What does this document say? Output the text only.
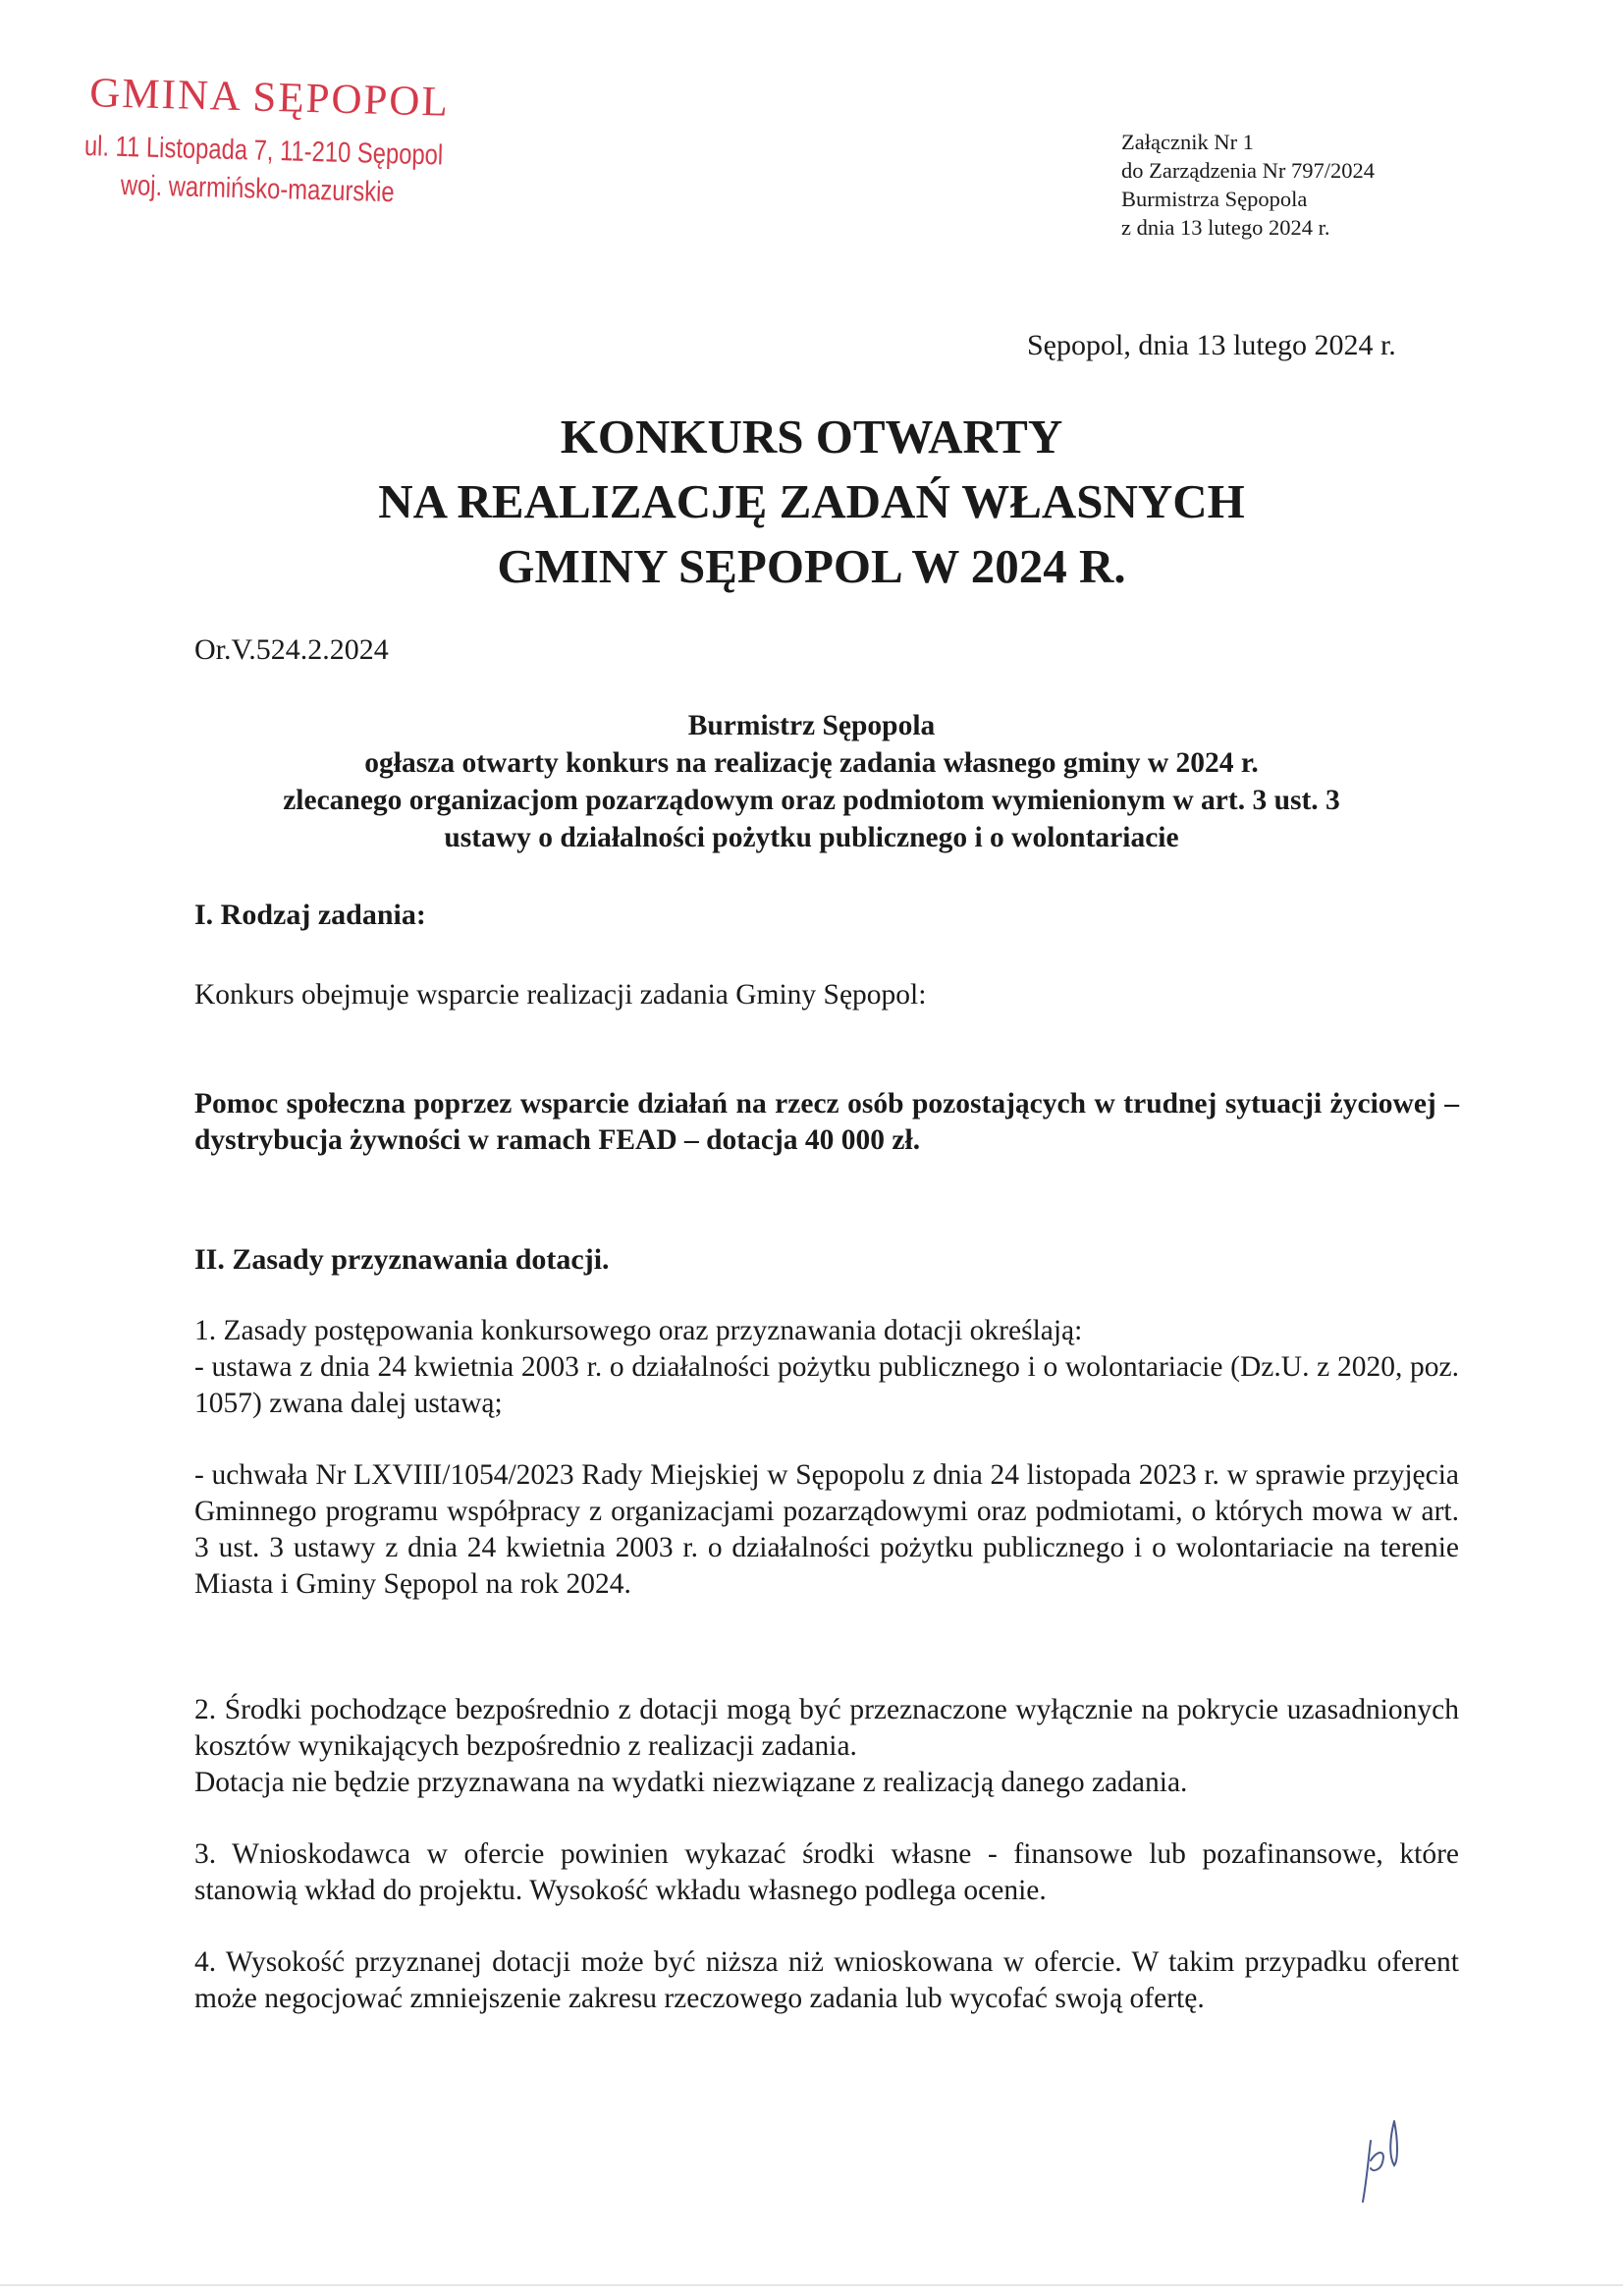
GMINA SĘPOPOL
ul. 11 Listopada 7, 11-210 Sępopol
woj. warmińsko-mazurskie
Załącznik Nr 1
do Zarządzenia Nr 797/2024
Burmistrza Sępopola
z dnia 13 lutego 2024 r.
Sępopol, dnia 13 lutego 2024 r.
KONKURS OTWARTY
NA REALIZACJĘ ZADAŃ WŁASNYCH
GMINY SĘPOPOL W 2024 R.
Or.V.524.2.2024
Burmistrz Sępopola
ogłasza otwarty konkurs na realizację zadania własnego gminy w 2024 r.
zlecanego organizacjom pozarządowym oraz podmiotom wymienionym w art. 3 ust. 3
ustawy o działalności pożytku publicznego i o wolontariacie
I. Rodzaj zadania:
Konkurs obejmuje wsparcie realizacji zadania Gminy Sępopol:

Pomoc społeczna poprzez wsparcie działań na rzecz osób pozostających w trudnej sytuacji życiowej – dystrybucja żywności w ramach FEAD – dotacja 40 000 zł.

II. Zasady przyznawania dotacji.

1. Zasady postępowania konkursowego oraz przyznawania dotacji określają:

- ustawa z dnia 24 kwietnia 2003 r. o działalności pożytku publicznego i o wolontariacie (Dz.U. z 2020, poz. 1057) zwana dalej ustawą;

- uchwała Nr LXVIII/1054/2023 Rady Miejskiej w Sępopolu z dnia 24 listopada 2023 r. w sprawie przyjęcia Gminnego programu współpracy z organizacjami pozarządowymi oraz podmiotami, o których mowa w art. 3 ust. 3 ustawy z dnia 24 kwietnia 2003 r. o działalności pożytku publicznego i o wolontariacie na terenie Miasta i Gminy Sępopol na rok 2024.

2. Środki pochodzące bezpośrednio z dotacji mogą być przeznaczone wyłącznie na pokrycie uzasadnionych kosztów wynikających bezpośrednio z realizacji zadania.

Dotacja nie będzie przyznawana na wydatki niezwiązane z realizacją danego zadania.

3. Wnioskodawca w ofercie powinien wykazać środki własne - finansowe lub pozafinansowe, które stanowią wkład do projektu. Wysokość wkładu własnego podlega ocenie.

4. Wysokość przyznanej dotacji może być niższa niż wnioskowana w ofercie. W takim przypadku oferent może negocjować zmniejszenie zakresu rzeczowego zadania lub wycofać swoją ofertę.
